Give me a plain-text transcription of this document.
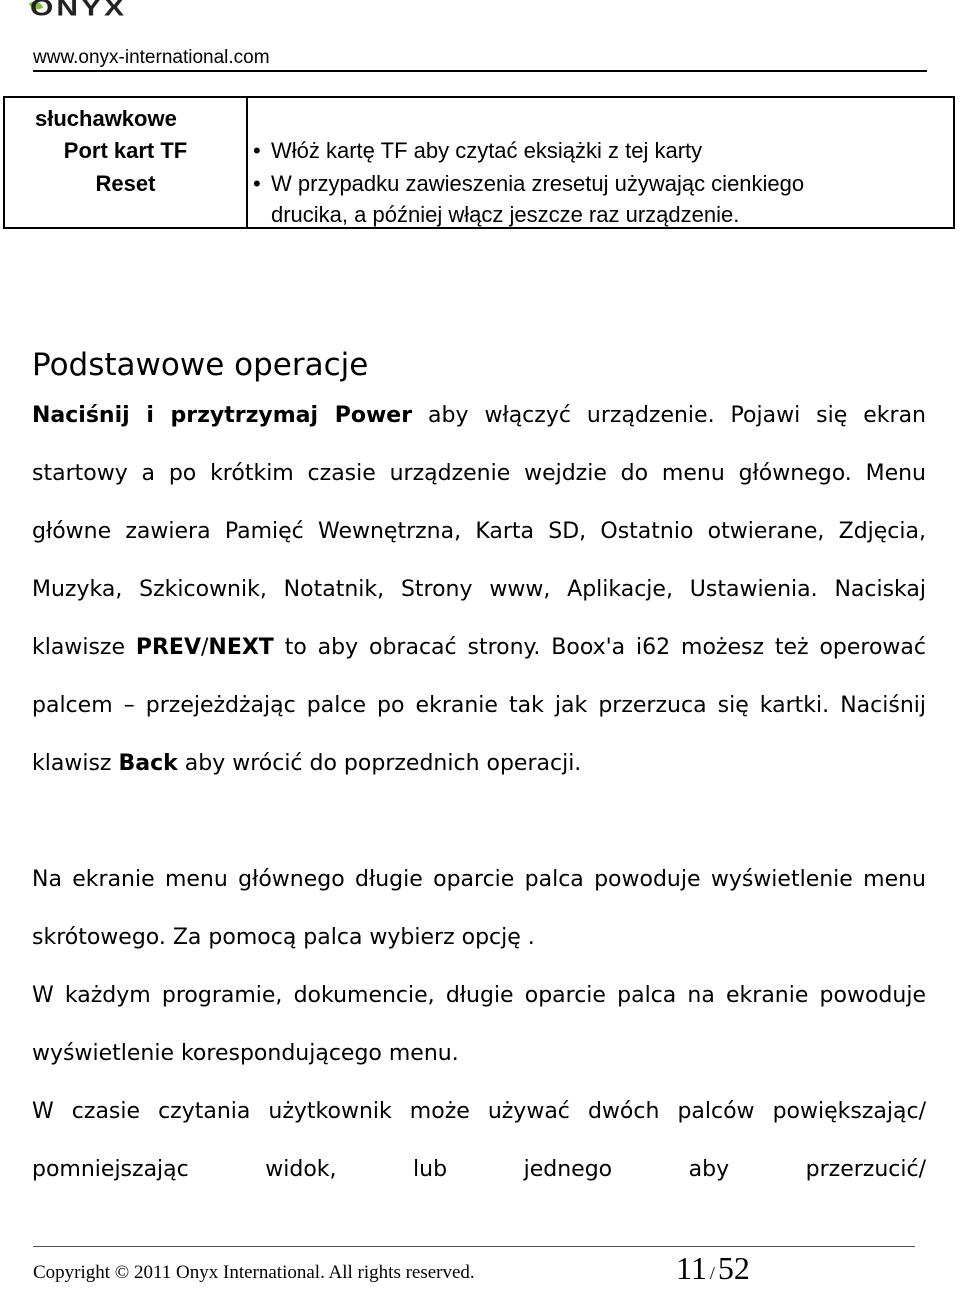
ONYX
www.onyx-international.com
słuchawkowe
Port kart TF	• Włóż kartę TF aby czytać eksiążki z tej karty
Reset	• W przypadku zawieszenia zresetuj używając cienkiego
drucika, a później włącz jeszcze raz urządzenie.
Podstawowe operacje
Naciśnij i przytrzymaj Power aby włączyć urządzenie. Pojawi się ekran startowy a po krótkim czasie urządzenie wejdzie do menu głównego. Menu główne zawiera Pamięć Wewnętrzna, Karta SD, Ostatnio otwierane, Zdjęcia, Muzyka, Szkicownik, Notatnik, Strony www, Aplikacje, Ustawienia. Naciskaj klawisze PREV/NEXT to aby obracać strony. Boox'a i62 możesz też operować palcem – przejeżdżając palce po ekranie tak jak przerzuca się kartki. Naciśnij klawisz Back aby wrócić do poprzednich operacji.
Na ekranie menu głównego długie oparcie palca powoduje wyświetlenie menu skrótowego. Za pomocą palca wybierz opcję .
W każdym programie, dokumencie, długie oparcie palca na ekranie powoduje wyświetlenie korespondującego menu.
W czasie czytania użytkownik może używać dwóch palców powiększając/ pomniejszając widok, lub jednego aby przerzucić/
Copyright © 2011 Onyx International. All rights reserved.	11 /52
